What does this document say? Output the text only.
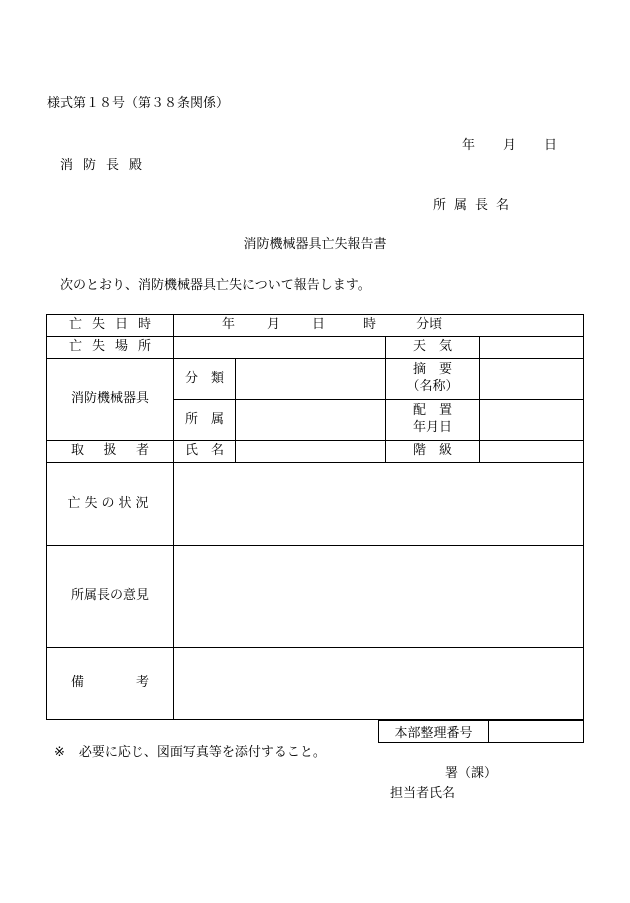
様式第１８号（第３８条関係）
年 月 日
消防長殿
所属長名
消防機械器具亡失報告書
次のとおり、消防機械器具亡失について報告します。
亡失日時	年 月 日 時 分頃			
亡失場所			天　気	
消防機械器具	分　類		摘　要
（名称）	

	所　属		配　置
年月日	

取扱者	氏　名		階　級	
亡失の状況				
所属長の意見				
備考				
本部整理番号	
※ 必要に応じ、図面写真等を添付すること。
署（課）
担当者氏名
